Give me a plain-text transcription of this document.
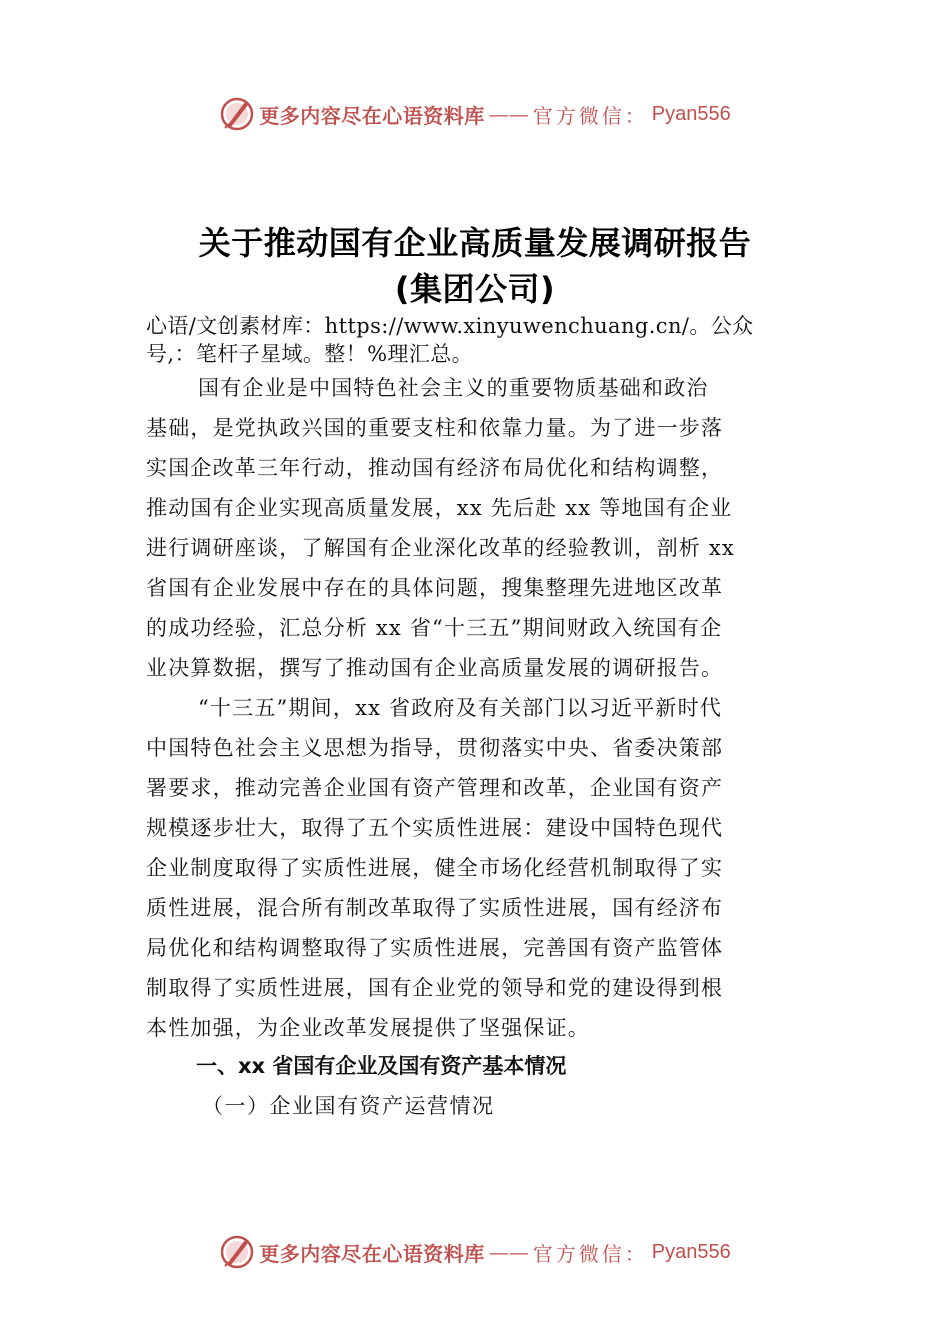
更多内容尽在心语资料库 —— 官方微信： Pyan556
关于推动国有企业高质量发展调研报告
(集团公司)
心语/文创素材库：https://www.xinyuwenchuang.cn/。公众
号,：笔杆子星域。整！%理汇总。
国有企业是中国特色社会主义的重要物质基础和政治
基础，是党执政兴国的重要支柱和依靠力量。为了进一步落
实国企改革三年行动，推动国有经济布局优化和结构调整，
推动国有企业实现高质量发展，xx 先后赴 xx 等地国有企业
进行调研座谈，了解国有企业深化改革的经验教训，剖析 xx
省国有企业发展中存在的具体问题，搜集整理先进地区改革
的成功经验，汇总分析 xx 省“十三五”期间财政入统国有企
业决算数据，撰写了推动国有企业高质量发展的调研报告。
“十三五”期间，xx 省政府及有关部门以习近平新时代
中国特色社会主义思想为指导，贯彻落实中央、省委决策部
署要求，推动完善企业国有资产管理和改革，企业国有资产
规模逐步壮大，取得了五个实质性进展：建设中国特色现代
企业制度取得了实质性进展，健全市场化经营机制取得了实
质性进展，混合所有制改革取得了实质性进展，国有经济布
局优化和结构调整取得了实质性进展，完善国有资产监管体
制取得了实质性进展，国有企业党的领导和党的建设得到根
本性加强，为企业改革发展提供了坚强保证。
一、xx 省国有企业及国有资产基本情况
（一）企业国有资产运营情况
更多内容尽在心语资料库 —— 官方微信： Pyan556
